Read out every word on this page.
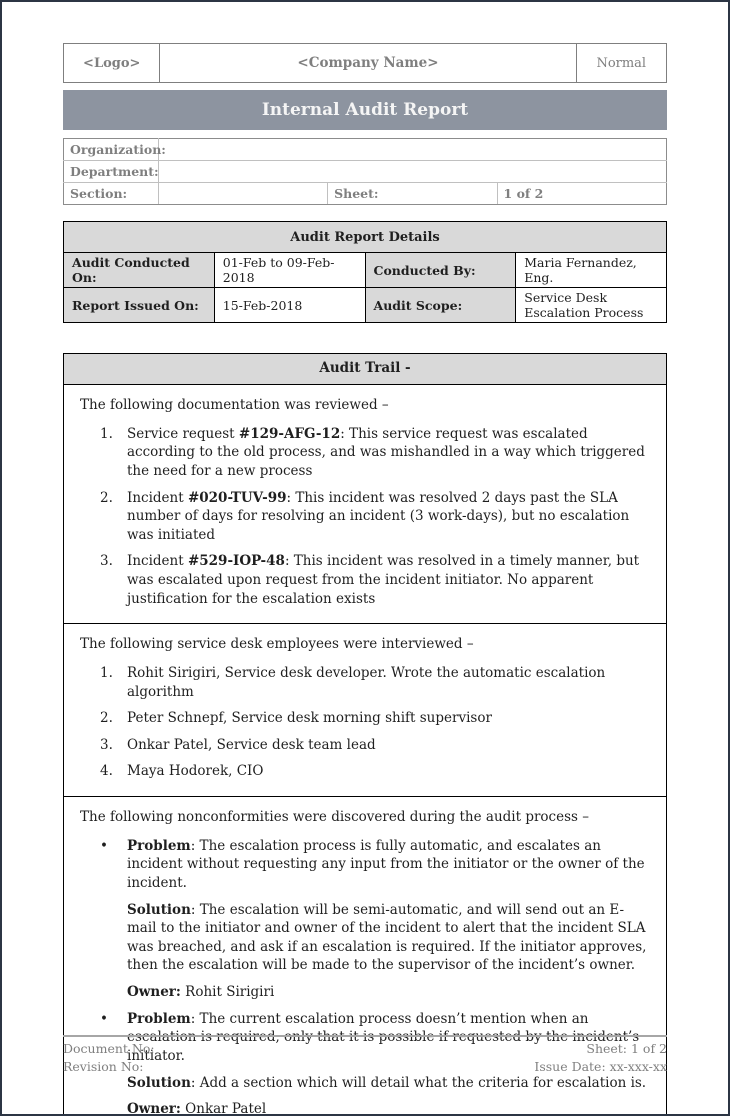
<Logo>	<Company Name>	Normal
Internal Audit Report
Organization:			
Department:			
Section:		Sheet:	1 of 2
Audit Report Details			
Audit Conducted On:	01-Feb to 09-Feb-2018	Conducted By:	Maria Fernandez, Eng.
Report Issued On:	15-Feb-2018	Audit Scope:	Service Desk Escalation Process
Audit Trail -

The following documentation was reviewed –

1.	Service request #129-AFG-12: This service request was escalated according to the old process, and was mishandled in a way which triggered the need for a new process

2.	Incident #020-TUV-99: This incident was resolved 2 days past the SLA number of days for resolving an incident (3 work-days), but no escalation was initiated

3.	Incident #529-IOP-48: This incident was resolved in a timely manner, but was escalated upon request from the incident initiator. No apparent justification for the escalation exists

The following service desk employees were interviewed –

1.	Rohit Sirigiri, Service desk developer. Wrote the automatic escalation algorithm

2.	Peter Schnepf, Service desk morning shift supervisor

3.	Onkar Patel, Service desk team lead

4.	Maya Hodorek, CIO

The following nonconformities were discovered during the audit process –

•	Problem: The escalation process is fully automatic, and escalates an incident without requesting any input from the initiator or the owner of the incident.

Solution: The escalation will be semi-automatic, and will send out an E-mail to the initiator and owner of the incident to alert that the incident SLA was breached, and ask if an escalation is required. If the initiator approves, then the escalation will be made to the supervisor of the incident’s owner.

Owner: Rohit Sirigiri

•	Problem: The current escalation process doesn’t mention when an escalation is required, only that it is possible if requested by the incident’s initiator.

Solution: Add a section which will detail what the criteria for escalation is.

Owner: Onkar Patel

Document No:
Revision No:
Sheet: 1 of 2
Issue Date: xx-xxx-xx
